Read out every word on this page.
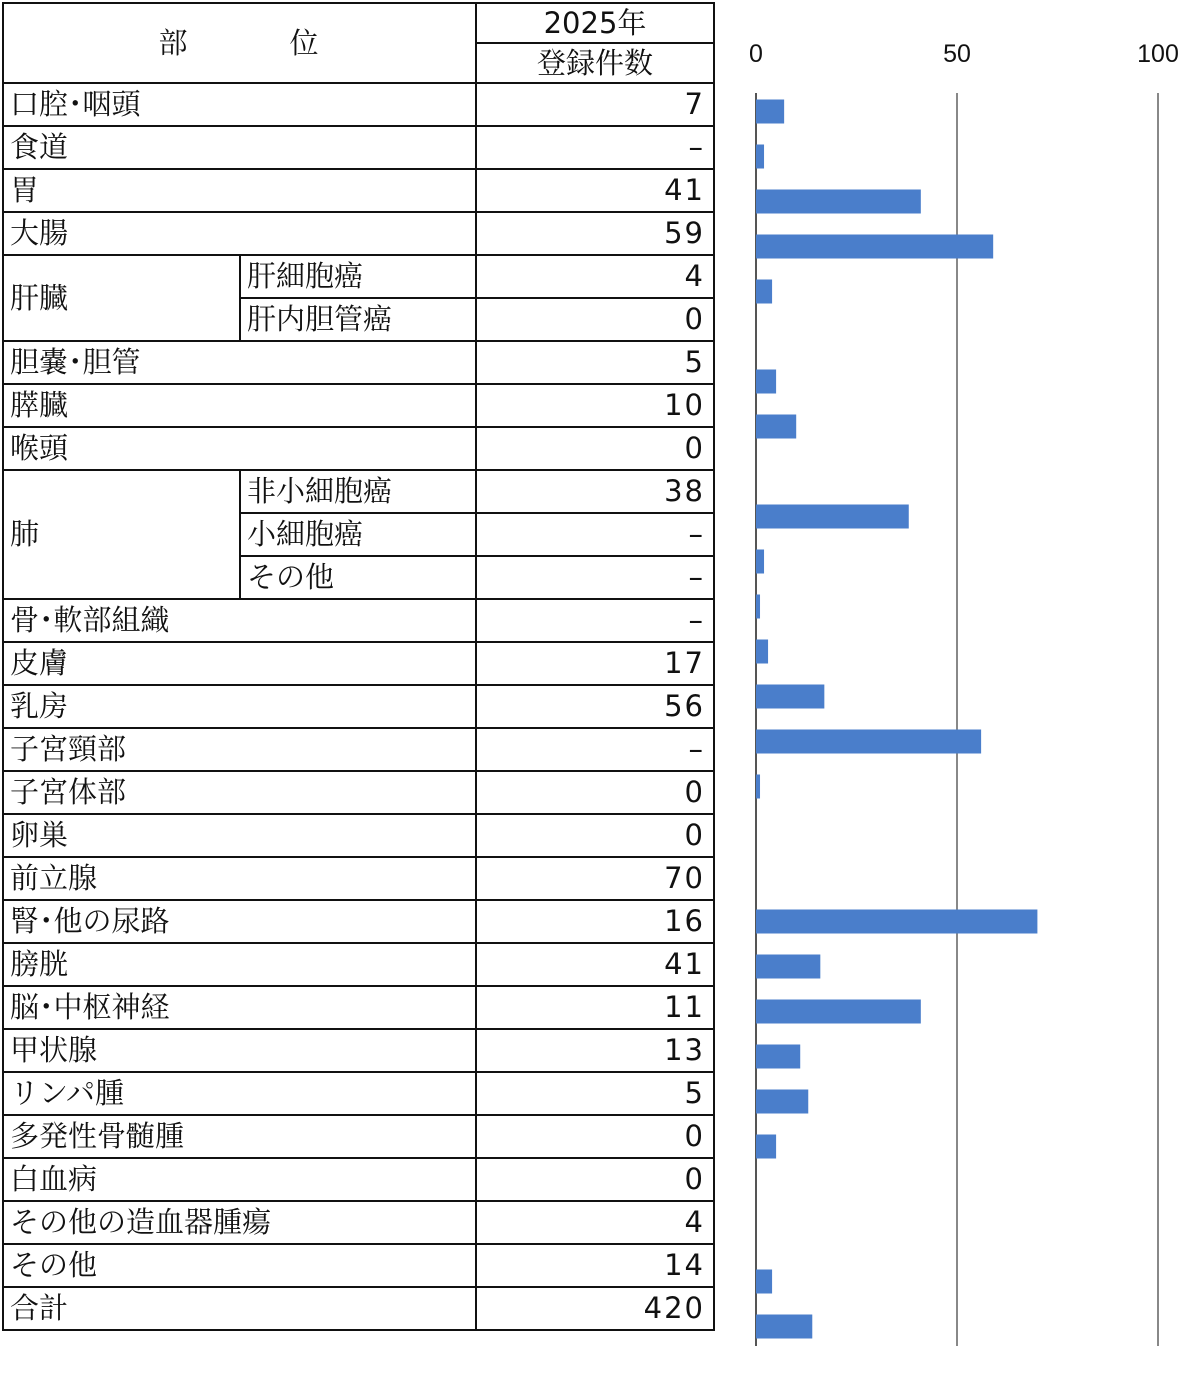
部 位		2025年
		登録件数
口腔･咽頭		7
食道		–
胃		41
大腸		59
肝臓	肝細胞癌	4
	肝内胆管癌	0
胆嚢･胆管		5
膵臓		10
喉頭		0
肺	非小細胞癌	38
	小細胞癌	–
	その他	–
骨･軟部組織		–
皮膚		17
乳房		56
子宮頸部		–
子宮体部		0
卵巣		0
前立腺		70
腎･他の尿路		16
膀胱		41
脳･中枢神経		11
甲状腺		13
リンパ腫		5
多発性骨髄腫		0
白血病		0
その他の造血器腫瘍		4
その他		14
合計		420
0	50	100
